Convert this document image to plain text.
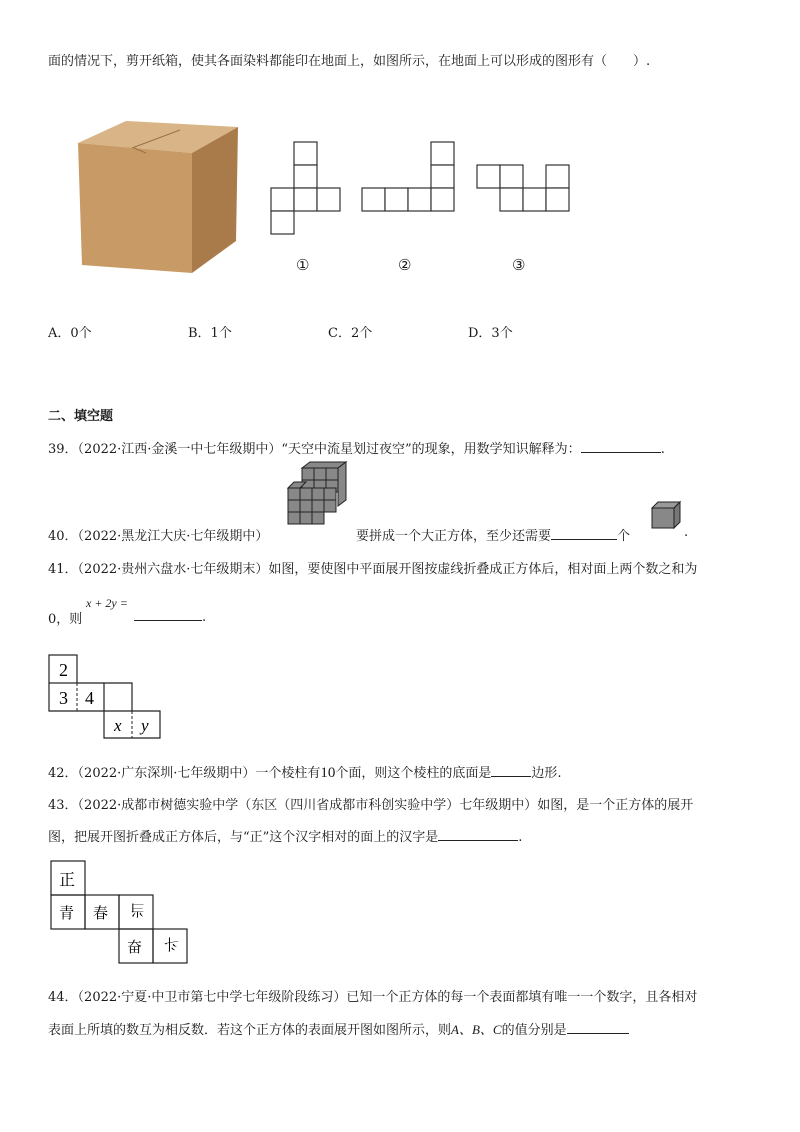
面的情况下，剪开纸箱，使其各面染料都能印在地面上，如图所示，在地面上可以形成的图形有（　　）.
①	②	③
A．0个	B．1个	C．2个	D．3个
二、填空题
39．（2022·江西·金溪一中七年级期中）“天空中流星划过夜空”的现象，用数学知识解释为：	.
40．（2022·黑龙江大庆·七年级期中）	要拼成一个大正方体，至少还需要	个	.
41．（2022·贵州六盘水·七年级期末）如图，要使图中平面展开图按虚线折叠成正方体后，相对面上两个数之和为
0，则
x + 2y =
.
2
3 4
x y
42．（2022·广东深圳·七年级期中）一个棱柱有10个面，则这个棱柱的底面是	边形.
43．（2022·成都市树德实验中学（东区（四川省成都市科创实验中学）七年级期中）如图，是一个正方体的展开
图，把展开图折叠成正方体后，与“正”这个汉字相对的面上的汉字是	.
正
青 春 当
奋 斗
44．（2022·宁夏·中卫市第七中学七年级阶段练习）已知一个正方体的每一个表面都填有唯一一个数字，且各相对
表面上所填的数互为相反数．若这个正方体的表面展开图如图所示，则A、B、C的值分别是
